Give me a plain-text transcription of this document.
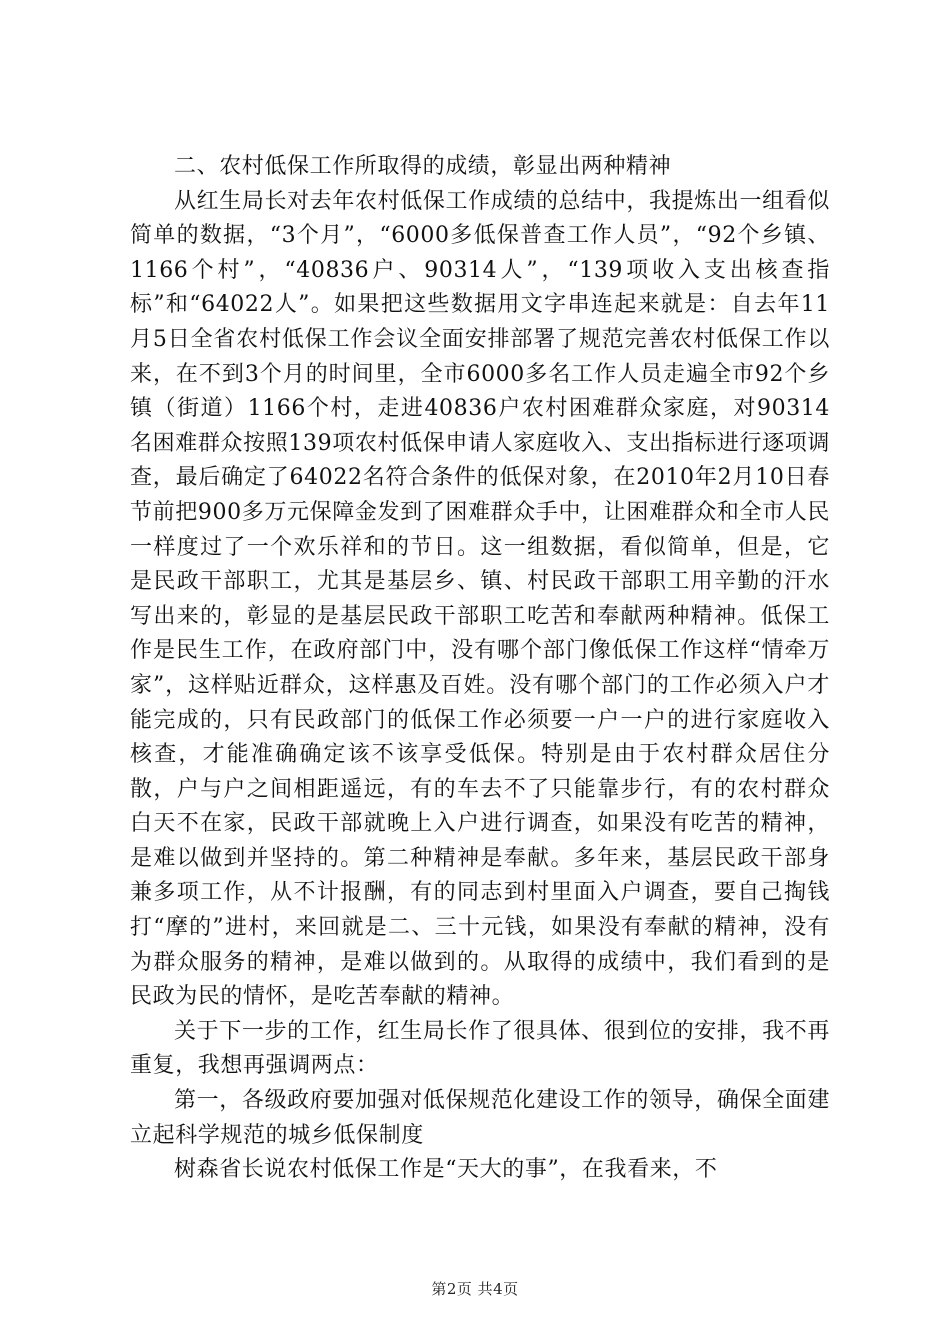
二、农村低保工作所取得的成绩，彰显出两种精神

从红生局长对去年农村低保工作成绩的总结中，我提炼出一组看似简单的数据，“3个月”，“6000多低保普查工作人员”，“92个乡镇、1166个村”，“40836户、90314人”，“139项收入支出核查指标”和“64022人”。如果把这些数据用文字串连起来就是：自去年11月5日全省农村低保工作会议全面安排部署了规范完善农村低保工作以来，在不到3个月的时间里，全市6000多名工作人员走遍全市92个乡镇（街道）1166个村，走进40836户农村困难群众家庭，对90314名困难群众按照139项农村低保申请人家庭收入、支出指标进行逐项调查，最后确定了64022名符合条件的低保对象，在2010年2月10日春节前把900多万元保障金发到了困难群众手中，让困难群众和全市人民一样度过了一个欢乐祥和的节日。这一组数据，看似简单，但是，它是民政干部职工，尤其是基层乡、镇、村民政干部职工用辛勤的汗水写出来的，彰显的是基层民政干部职工吃苦和奉献两种精神。低保工作是民生工作，在政府部门中，没有哪个部门像低保工作这样“情牵万家”，这样贴近群众，这样惠及百姓。没有哪个部门的工作必须入户才能完成的，只有民政部门的低保工作必须要一户一户的进行家庭收入核查，才能准确确定该不该享受低保。特别是由于农村群众居住分散，户与户之间相距遥远，有的车去不了只能靠步行，有的农村群众白天不在家，民政干部就晚上入户进行调查，如果没有吃苦的精神，是难以做到并坚持的。第二种精神是奉献。多年来，基层民政干部身兼多项工作，从不计报酬，有的同志到村里面入户调查，要自己掏钱打“摩的”进村，来回就是二、三十元钱，如果没有奉献的精神，没有为群众服务的精神，是难以做到的。从取得的成绩中，我们看到的是民政为民的情怀，是吃苦奉献的精神。

关于下一步的工作，红生局长作了很具体、很到位的安排，我不再重复，我想再强调两点：

第一，各级政府要加强对低保规范化建设工作的领导，确保全面建立起科学规范的城乡低保制度

树森省长说农村低保工作是“天大的事”，在我看来，不

第2页 共4页
